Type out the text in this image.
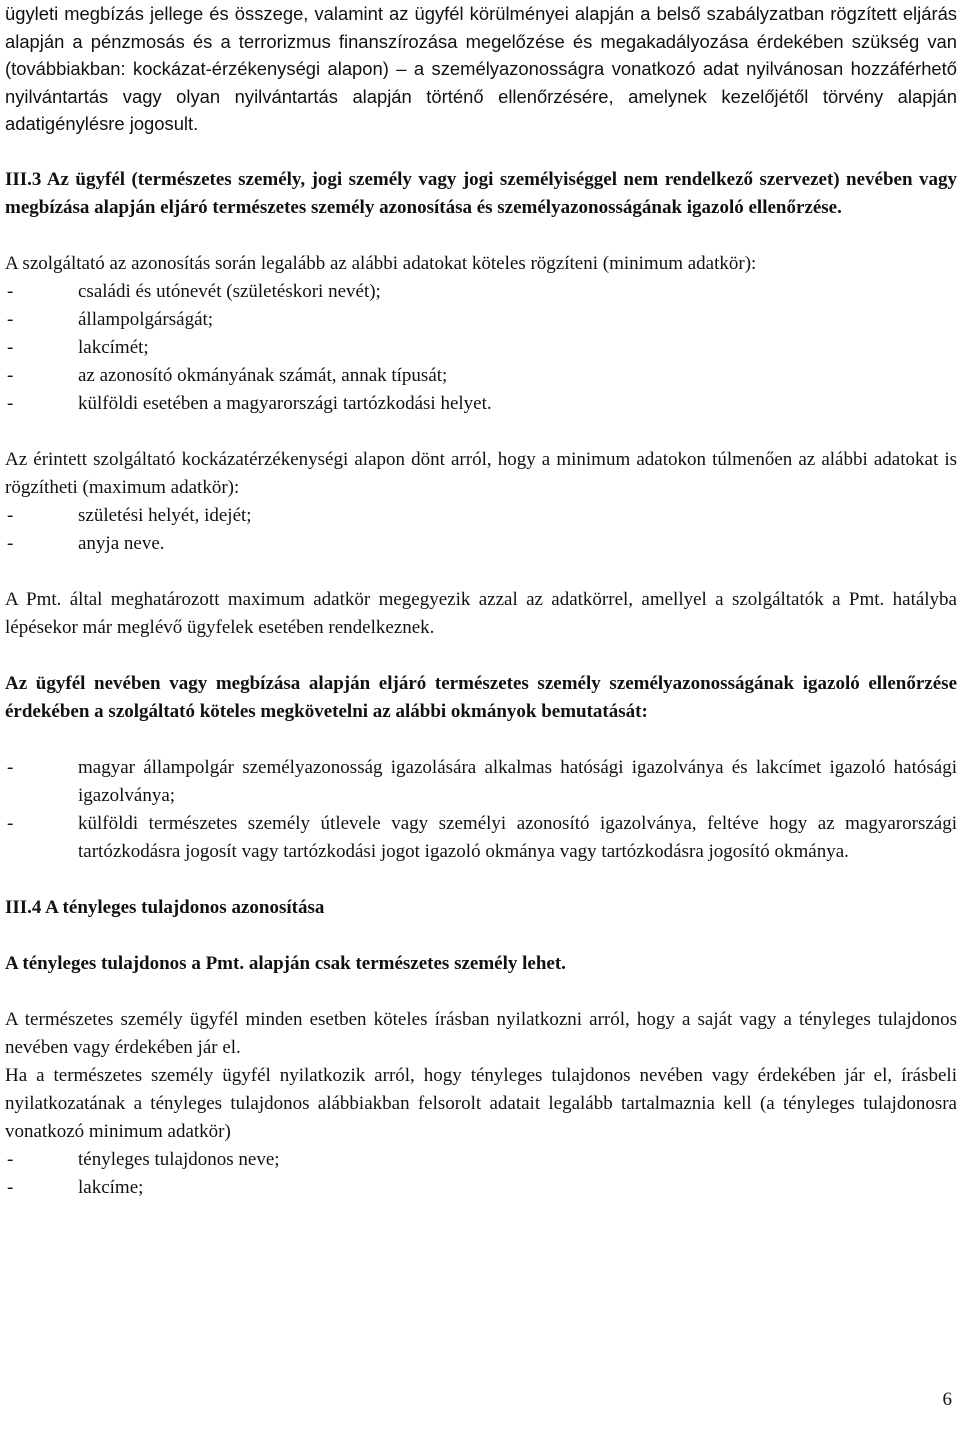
ügyleti megbízás jellege és összege, valamint az ügyfél körülményei alapján a belső szabályzatban rögzített eljárás alapján a pénzmosás és a terrorizmus finanszírozása megelőzése és megakadályozása érdekében szükség van (továbbiakban: kockázat-érzékenységi alapon) – a személyazonosságra vonatkozó adat nyilvánosan hozzáférhető nyilvántartás vagy olyan nyilvántartás alapján történő ellenőrzésére, amelynek kezelőjétől törvény alapján adatigénylésre jogosult.

III.3 Az ügyfél (természetes személy, jogi személy vagy jogi személyiséggel nem rendelkező szervezet) nevében vagy megbízása alapján eljáró természetes személy azonosítása és személyazonosságának igazoló ellenőrzése.

A szolgáltató az azonosítás során legalább az alábbi adatokat köteles rögzíteni (minimum adatkör):

- családi és utónevét (születéskori nevét);
- állampolgárságát;
- lakcímét;
- az azonosító okmányának számát, annak típusát;
- külföldi esetében a magyarországi tartózkodási helyet.

Az érintett szolgáltató kockázatérzékenységi alapon dönt arról, hogy a minimum adatokon túlmenően az alábbi adatokat is rögzítheti (maximum adatkör):

- születési helyét, idejét;
- anyja neve.

A Pmt. által meghatározott maximum adatkör megegyezik azzal az adatkörrel, amellyel a szolgáltatók a Pmt. hatályba lépésekor már meglévő ügyfelek esetében rendelkeznek.

Az ügyfél nevében vagy megbízása alapján eljáró természetes személy személyazonosságának igazoló ellenőrzése érdekében a szolgáltató köteles megkövetelni az alábbi okmányok bemutatását:

- magyar állampolgár személyazonosság igazolására alkalmas hatósági igazolványa és lakcímet igazoló hatósági igazolványa;
- külföldi természetes személy útlevele vagy személyi azonosító igazolványa, feltéve hogy az magyarországi tartózkodásra jogosít vagy tartózkodási jogot igazoló okmánya vagy tartózkodásra jogosító okmánya.

III.4 A tényleges tulajdonos azonosítása

A tényleges tulajdonos a Pmt. alapján csak természetes személy lehet.

A természetes személy ügyfél minden esetben köteles írásban nyilatkozni arról, hogy a saját vagy a tényleges tulajdonos nevében vagy érdekében jár el.

Ha a természetes személy ügyfél nyilatkozik arról, hogy tényleges tulajdonos nevében vagy érdekében jár el, írásbeli nyilatkozatának a tényleges tulajdonos alábbiakban felsorolt adatait legalább tartalmaznia kell (a tényleges tulajdonosra vonatkozó minimum adatkör)

- tényleges tulajdonos neve;
- lakcíme;
6
